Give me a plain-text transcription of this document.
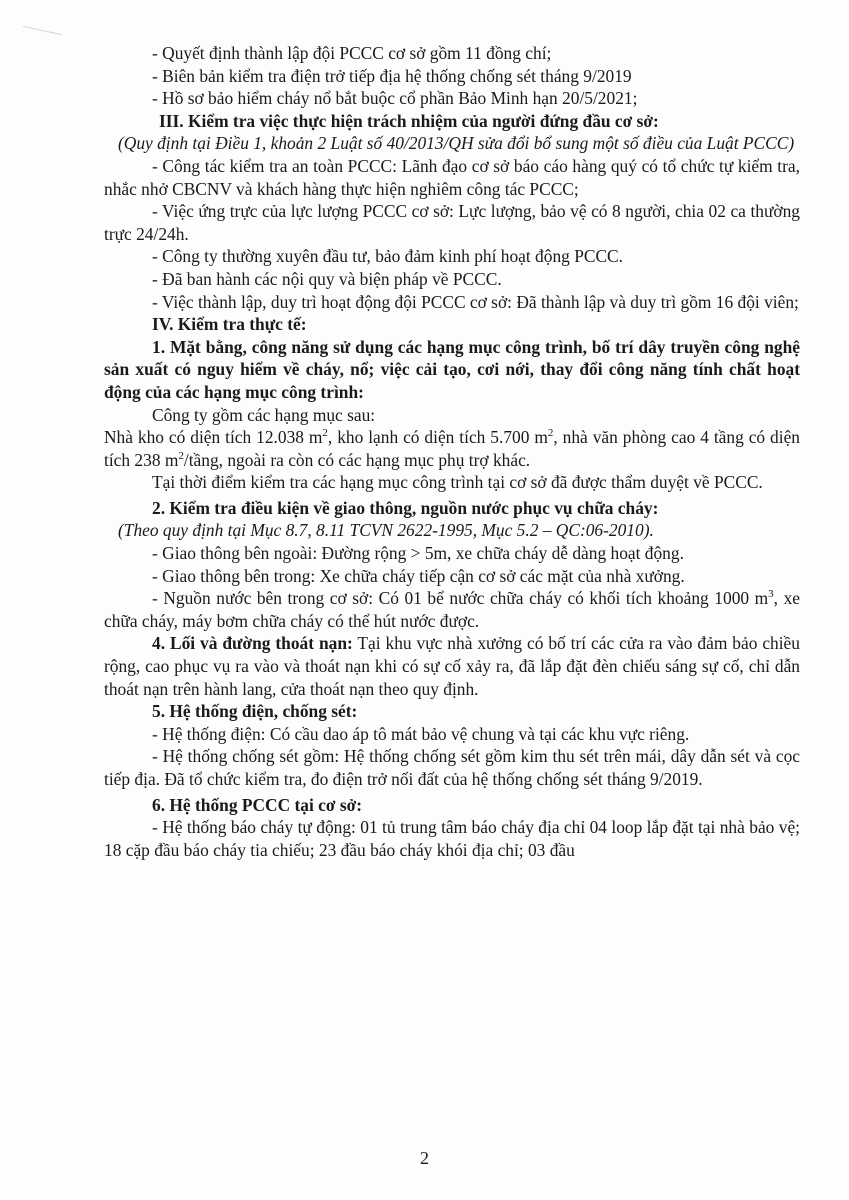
- Quyết định thành lập đội PCCC cơ sở gồm 11 đồng chí;

- Biên bản kiểm tra điện trở tiếp địa hệ thống chống sét tháng 9/2019

- Hồ sơ bảo hiểm cháy nổ bắt buộc cổ phần Bảo Minh hạn 20/5/2021;

III. Kiểm tra việc thực hiện trách nhiệm của người đứng đầu cơ sở:

(Quy định tại Điều 1, khoản 2 Luật số 40/2013/QH sửa đổi bổ sung một số điều của Luật PCCC)

- Công tác kiểm tra an toàn PCCC: Lãnh đạo cơ sở báo cáo hàng quý có tổ chức tự kiểm tra, nhắc nhở CBCNV và khách hàng thực hiện nghiêm công tác PCCC;

- Việc ứng trực của lực lượng PCCC cơ sở: Lực lượng, bảo vệ có 8 người, chia 02 ca thường trực 24/24h.

- Công ty thường xuyên đầu tư, bảo đảm kinh phí hoạt động PCCC.

- Đã ban hành các nội quy và biện pháp về PCCC.

- Việc thành lập, duy trì hoạt động đội PCCC cơ sở: Đã thành lập và duy trì gồm 16 đội viên;

IV. Kiểm tra thực tế:

1. Mặt bằng, công năng sử dụng các hạng mục công trình, bố trí dây truyền công nghệ sản xuất có nguy hiểm về cháy, nổ; việc cải tạo, cơi nới, thay đổi công năng tính chất hoạt động của các hạng mục công trình:

Công ty gồm các hạng mục sau:

Nhà kho có diện tích 12.038 $m^2$, kho lạnh có diện tích 5.700 $m^2$, nhà văn phòng cao 4 tầng có diện tích 238 $m^2$/tầng, ngoài ra còn có các hạng mục phụ trợ khác.

Tại thời điểm kiểm tra các hạng mục công trình tại cơ sở đã được thẩm duyệt về PCCC.

2. Kiểm tra điều kiện về giao thông, nguồn nước phục vụ chữa cháy:

(Theo quy định tại Mục 8.7, 8.11 TCVN 2622-1995, Mục 5.2 – QC:06-2010).

- Giao thông bên ngoài: Đường rộng > 5m, xe chữa cháy dễ dàng hoạt động.

- Giao thông bên trong: Xe chữa cháy tiếp cận cơ sở các mặt của nhà xưởng.

- Nguồn nước bên trong cơ sở: Có 01 bể nước chữa cháy có khối tích khoảng 1000 $m^3$, xe chữa cháy, máy bơm chữa cháy có thể hút nước được.

4. Lối và đường thoát nạn: Tại khu vực nhà xưởng có bố trí các cửa ra vào đảm bảo chiều rộng, cao phục vụ ra vào và thoát nạn khi có sự cố xảy ra, đã lắp đặt đèn chiếu sáng sự cố, chỉ dẫn thoát nạn trên hành lang, cửa thoát nạn theo quy định.

5. Hệ thống điện, chống sét:

- Hệ thống điện: Có cầu dao áp tô mát bảo vệ chung và tại các khu vực riêng.

- Hệ thống chống sét gồm: Hệ thống chống sét gồm kim thu sét trên mái, dây dẫn sét và cọc tiếp địa. Đã tổ chức kiểm tra, đo điện trở nối đất của hệ thống chống sét tháng 9/2019.

6. Hệ thống PCCC tại cơ sở:

- Hệ thống báo cháy tự động: 01 tủ trung tâm báo cháy địa chỉ 04 loop lắp đặt tại nhà bảo vệ; 18 cặp đầu báo cháy tia chiếu; 23 đầu báo cháy khói địa chỉ; 03 đầu

2
